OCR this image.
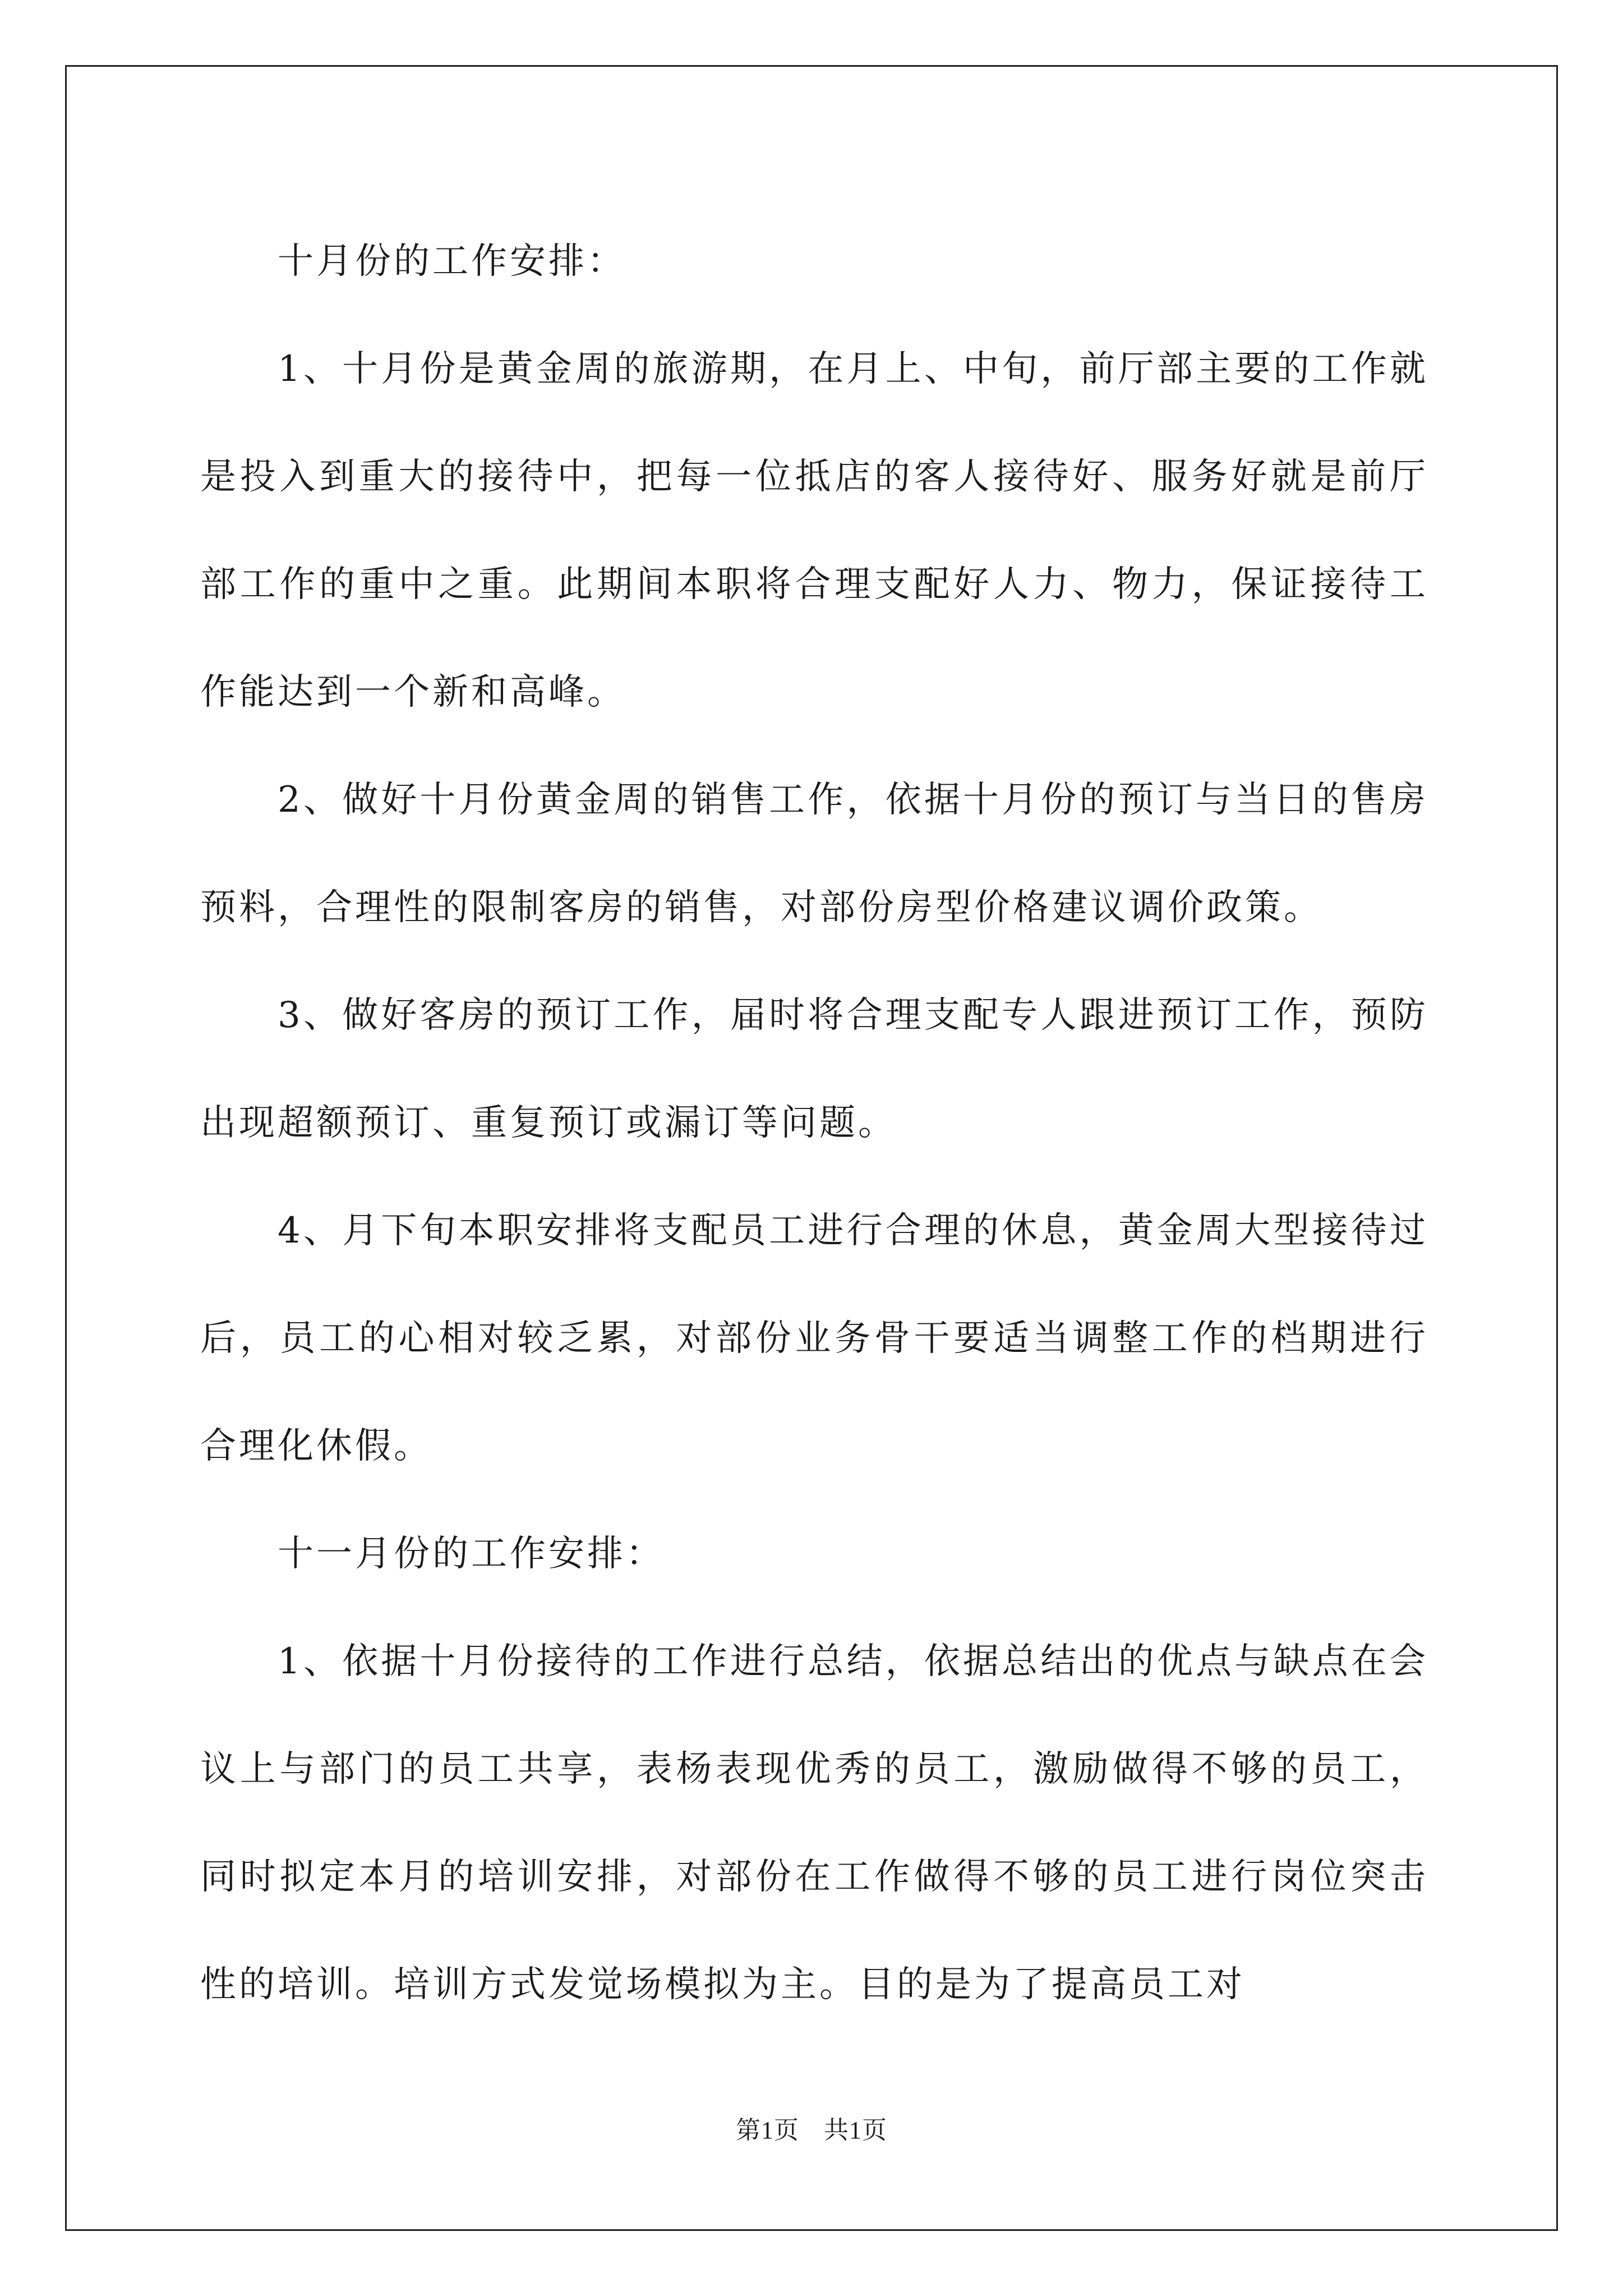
十月份的工作安排：

1、十月份是黄金周的旅游期，在月上、中旬，前厅部主要的工作就是投入到重大的接待中，把每一位抵店的客人接待好、服务好就是前厅部工作的重中之重。此期间本职将合理支配好人力、物力，保证接待工作能达到一个新和高峰。

2、做好十月份黄金周的销售工作，依据十月份的预订与当日的售房预料，合理性的限制客房的销售，对部份房型价格建议调价政策。

3、做好客房的预订工作，届时将合理支配专人跟进预订工作，预防出现超额预订、重复预订或漏订等问题。

4、月下旬本职安排将支配员工进行合理的休息，黄金周大型接待过后，员工的心相对较乏累，对部份业务骨干要适当调整工作的档期进行合理化休假。

十一月份的工作安排：

1、依据十月份接待的工作进行总结，依据总结出的优点与缺点在会议上与部门的员工共享，表杨表现优秀的员工，激励做得不够的员工，同时拟定本月的培训安排，对部份在工作做得不够的员工进行岗位突击性的培训。培训方式发觉场模拟为主。目的是为了提高员工对

第1页 共1页
